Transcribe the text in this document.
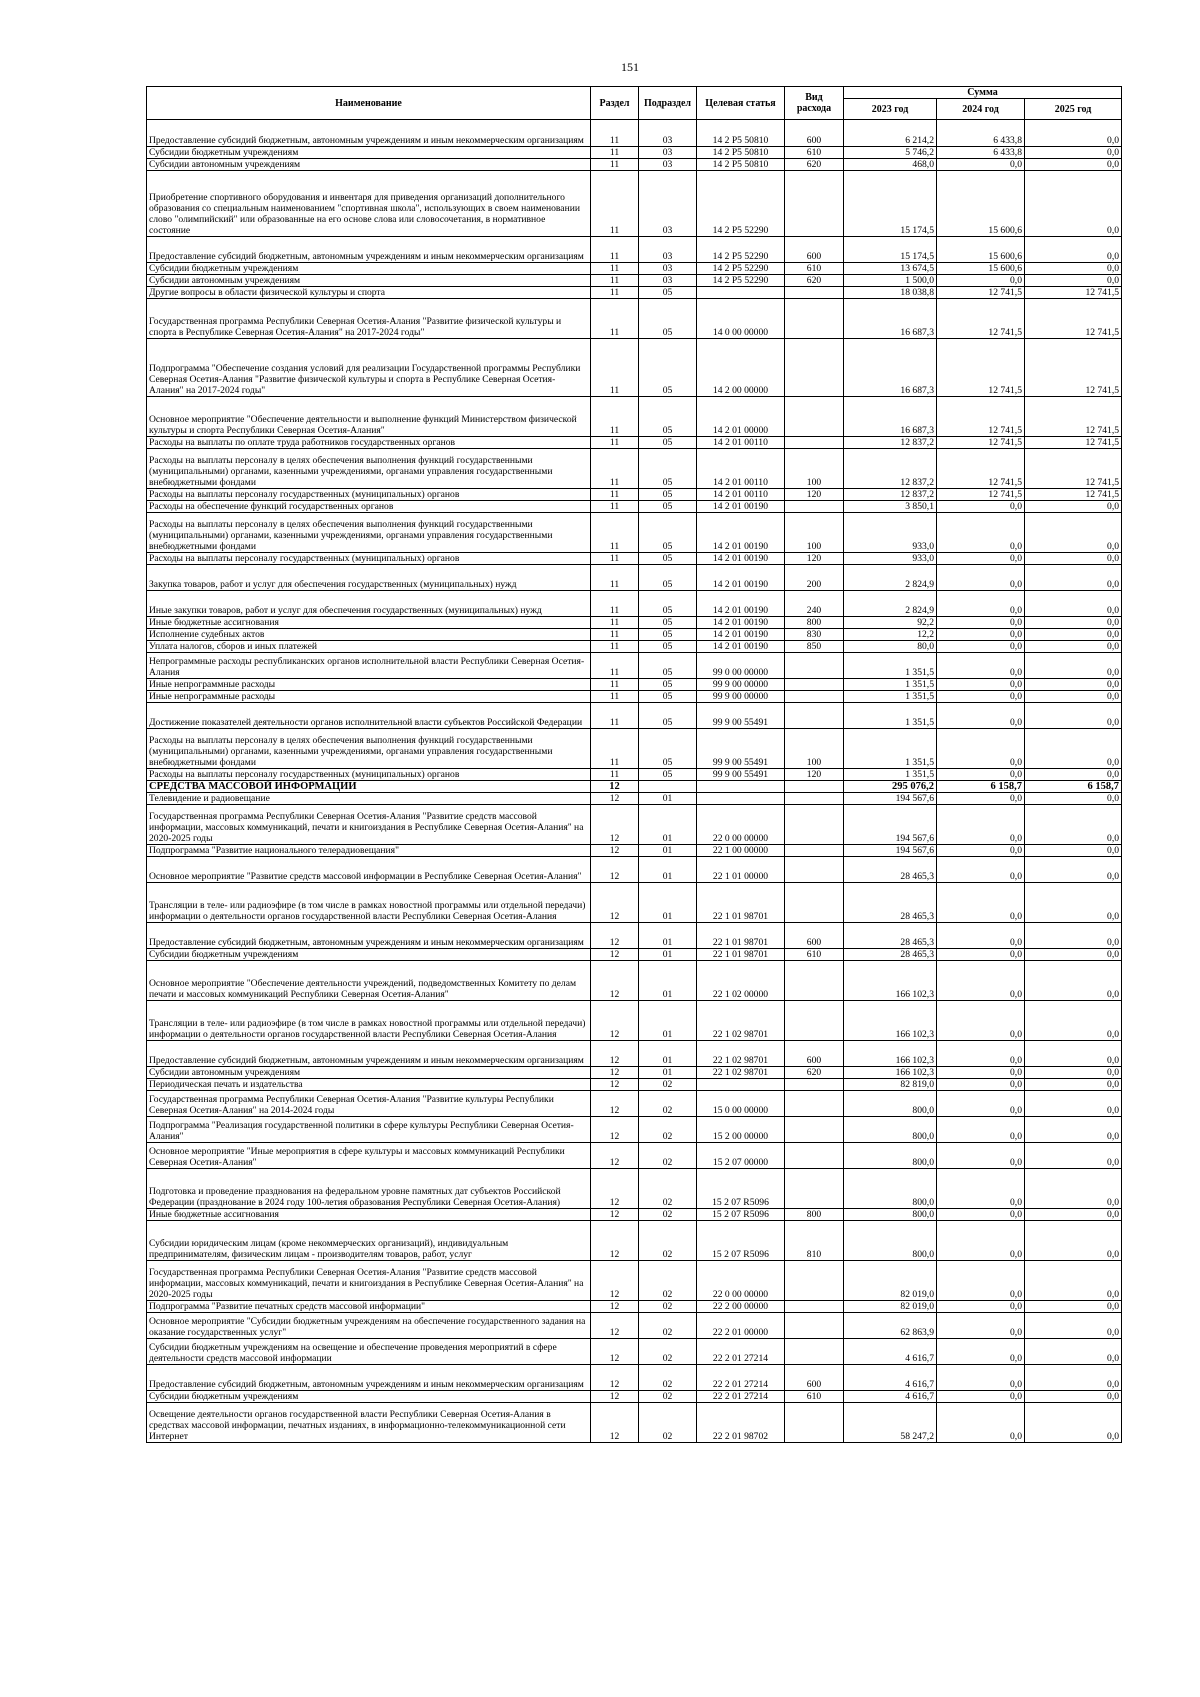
151
Наименование	Раздел	Подраздел	Целевая статья	Вид расхода	Сумма		
					2023 год	2024 год	2025 год
Предоставление субсидий бюджетным, автономным учреждениям и иным некоммерческим организациям	11	03	14 2 P5 50810	600	6 214,2	6 433,8	0,0
Субсидии бюджетным учреждениям	11	03	14 2 P5 50810	610	5 746,2	6 433,8	0,0
Субсидии автономным учреждениям	11	03	14 2 P5 50810	620	468,0	0,0	0,0
Приобретение спортивного оборудования и инвентаря для приведения организаций дополнительного образования со специальным наименованием "спортивная школа", использующих в своем наименовании слово "олимпийский" или образованные на его основе слова или словосочетания, в нормативное состояние	11	03	14 2 P5 52290		15 174,5	15 600,6	0,0
Предоставление субсидий бюджетным, автономным учреждениям и иным некоммерческим организациям	11	03	14 2 P5 52290	600	15 174,5	15 600,6	0,0
Субсидии бюджетным учреждениям	11	03	14 2 P5 52290	610	13 674,5	15 600,6	0,0
Субсидии автономным учреждениям	11	03	14 2 P5 52290	620	1 500,0	0,0	0,0
Другие вопросы в области физической культуры и спорта	11	05			18 038,8	12 741,5	12 741,5
Государственная программа Республики Северная Осетия-Алания "Развитие физической культуры и спорта в Республике Северная Осетия-Алания" на 2017-2024 годы"	11	05	14 0 00 00000		16 687,3	12 741,5	12 741,5
Подпрограмма "Обеспечение создания условий для реализации Государственной программы Республики Северная Осетия-Алания "Развитие физической культуры и спорта в Республике Северная Осетия-Алания" на 2017-2024 годы"	11	05	14 2 00 00000		16 687,3	12 741,5	12 741,5
Основное мероприятие "Обеспечение деятельности и выполнение функций Министерством физической культуры и спорта Республики Северная Осетия-Алания"	11	05	14 2 01 00000		16 687,3	12 741,5	12 741,5
Расходы на выплаты по оплате труда работников государственных органов	11	05	14 2 01 00110		12 837,2	12 741,5	12 741,5
Расходы на выплаты персоналу в целях обеспечения выполнения функций государственными (муниципальными) органами, казенными учреждениями, органами управления государственными внебюджетными фондами	11	05	14 2 01 00110	100	12 837,2	12 741,5	12 741,5
Расходы на выплаты персоналу государственных (муниципальных) органов	11	05	14 2 01 00110	120	12 837,2	12 741,5	12 741,5
Расходы на обеспечение функций государственных органов	11	05	14 2 01 00190		3 850,1	0,0	0,0
Расходы на выплаты персоналу в целях обеспечения выполнения функций государственными (муниципальными) органами, казенными учреждениями, органами управления государственными внебюджетными фондами	11	05	14 2 01 00190	100	933,0	0,0	0,0
Расходы на выплаты персоналу государственных (муниципальных) органов	11	05	14 2 01 00190	120	933,0	0,0	0,0
Закупка товаров, работ и услуг для обеспечения государственных (муниципальных) нужд	11	05	14 2 01 00190	200	2 824,9	0,0	0,0
Иные закупки товаров, работ и услуг для обеспечения государственных (муниципальных) нужд	11	05	14 2 01 00190	240	2 824,9	0,0	0,0
Иные бюджетные ассигнования	11	05	14 2 01 00190	800	92,2	0,0	0,0
Исполнение судебных актов	11	05	14 2 01 00190	830	12,2	0,0	0,0
Уплата налогов, сборов и иных платежей	11	05	14 2 01 00190	850	80,0	0,0	0,0
Непрограммные расходы республиканских органов исполнительной власти Республики Северная Осетия-Алания	11	05	99 0 00 00000		1 351,5	0,0	0,0
Иные непрограммные расходы	11	05	99 9 00 00000		1 351,5	0,0	0,0
Иные непрограммные расходы	11	05	99 9 00 00000		1 351,5	0,0	0,0
Достижение показателей деятельности органов исполнительной власти субъектов Российской Федерации	11	05	99 9 00 55491		1 351,5	0,0	0,0
Расходы на выплаты персоналу в целях обеспечения выполнения функций государственными (муниципальными) органами, казенными учреждениями, органами управления государственными внебюджетными фондами	11	05	99 9 00 55491	100	1 351,5	0,0	0,0
Расходы на выплаты персоналу государственных (муниципальных) органов	11	05	99 9 00 55491	120	1 351,5	0,0	0,0
СРЕДСТВА МАССОВОЙ ИНФОРМАЦИИ	12				295 076,2	6 158,7	6 158,7
Телевидение и радиовещание	12	01			194 567,6	0,0	0,0
Государственная программа Республики Северная Осетия-Алания "Развитие средств массовой информации, массовых коммуникаций, печати и книгоиздания в Республике Северная Осетия-Алания" на 2020-2025 годы	12	01	22 0 00 00000		194 567,6	0,0	0,0
Подпрограмма "Развитие национального телерадиовещания"	12	01	22 1 00 00000		194 567,6	0,0	0,0
Основное мероприятие "Развитие средств массовой информации в Республике Северная Осетия-Алания"	12	01	22 1 01 00000		28 465,3	0,0	0,0
Трансляции в теле- или радиоэфире (в том числе в рамках новостной программы или отдельной передачи) информации о деятельности органов государственной власти Республики Северная Осетия-Алания	12	01	22 1 01 98701		28 465,3	0,0	0,0
Предоставление субсидий бюджетным, автономным учреждениям и иным некоммерческим организациям	12	01	22 1 01 98701	600	28 465,3	0,0	0,0
Субсидии бюджетным учреждениям	12	01	22 1 01 98701	610	28 465,3	0,0	0,0
Основное мероприятие "Обеспечение деятельности учреждений, подведомственных Комитету по делам печати и массовых коммуникаций Республики Северная Осетия-Алания"	12	01	22 1 02 00000		166 102,3	0,0	0,0
Трансляции в теле- или радиоэфире (в том числе в рамках новостной программы или отдельной передачи) информации о деятельности органов государственной власти Республики Северная Осетия-Алания	12	01	22 1 02 98701		166 102,3	0,0	0,0
Предоставление субсидий бюджетным, автономным учреждениям и иным некоммерческим организациям	12	01	22 1 02 98701	600	166 102,3	0,0	0,0
Субсидии автономным учреждениям	12	01	22 1 02 98701	620	166 102,3	0,0	0,0
Периодическая печать и издательства	12	02			82 819,0	0,0	0,0
Государственная программа Республики Северная Осетия-Алания "Развитие культуры Республики Северная Осетия-Алания" на 2014-2024 годы	12	02	15 0 00 00000		800,0	0,0	0,0
Подпрограмма "Реализация государственной политики в сфере культуры Республики Северная Осетия-Алания"	12	02	15 2 00 00000		800,0	0,0	0,0
Основное мероприятие "Иные мероприятия в сфере культуры и массовых коммуникаций Республики Северная Осетия-Алания"	12	02	15 2 07 00000		800,0	0,0	0,0
Подготовка и проведение празднования на федеральном уровне памятных дат субъектов Российской Федерации (празднование в 2024 году 100-летия образования Республики Северная Осетия-Алания)	12	02	15 2 07 R5096		800,0	0,0	0,0
Иные бюджетные ассигнования	12	02	15 2 07 R5096	800	800,0	0,0	0,0
Субсидии юридическим лицам (кроме некоммерческих организаций), индивидуальным предпринимателям, физическим лицам - производителям товаров, работ, услуг	12	02	15 2 07 R5096	810	800,0	0,0	0,0
Государственная программа Республики Северная Осетия-Алания "Развитие средств массовой информации, массовых коммуникаций, печати и книгоиздания в Республике Северная Осетия-Алания" на 2020-2025 годы	12	02	22 0 00 00000		82 019,0	0,0	0,0
Подпрограмма "Развитие печатных средств массовой информации"	12	02	22 2 00 00000		82 019,0	0,0	0,0
Основное мероприятие "Субсидии бюджетным учреждениям на обеспечение государственного задания на оказание государственных услуг"	12	02	22 2 01 00000		62 863,9	0,0	0,0
Субсидии бюджетным учреждениям на освещение и обеспечение проведения мероприятий в сфере деятельности средств массовой информации	12	02	22 2 01 27214		4 616,7	0,0	0,0
Предоставление субсидий бюджетным, автономным учреждениям и иным некоммерческим организациям	12	02	22 2 01 27214	600	4 616,7	0,0	0,0
Субсидии бюджетным учреждениям	12	02	22 2 01 27214	610	4 616,7	0,0	0,0
Освещение деятельности органов государственной власти Республики Северная Осетия-Алания в средствах массовой информации, печатных изданиях, в информационно-телекоммуникационной сети Интернет	12	02	22 2 01 98702		58 247,2	0,0	0,0
